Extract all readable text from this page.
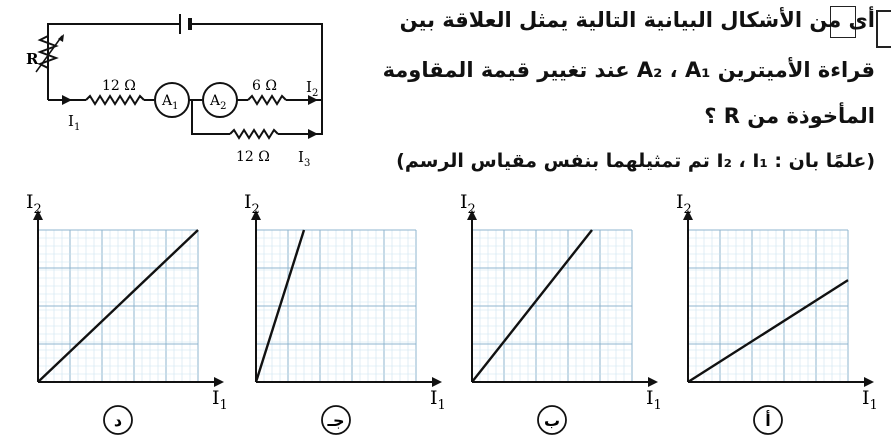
أى من الأشكال البيانية التالية يمثل العلاقة بين
قراءة الأميترين A₂ ، A₁ عند تغيير قيمة المقاومة
المأخوذة من R ؟
(علمًا بان : I₂ ، I₁ تم تمثيلهما بنفس مقياس الرسم)
R
12 Ω	6 Ω
12 Ω
$A_1$ $A_2$
$I_1$
$I_2$
$I_3$
$I_2$
$I_1$
د
$I_2$
$I_1$
جـ
$I_2$
$I_1$
ب
$I_2$
$I_1$
أ
